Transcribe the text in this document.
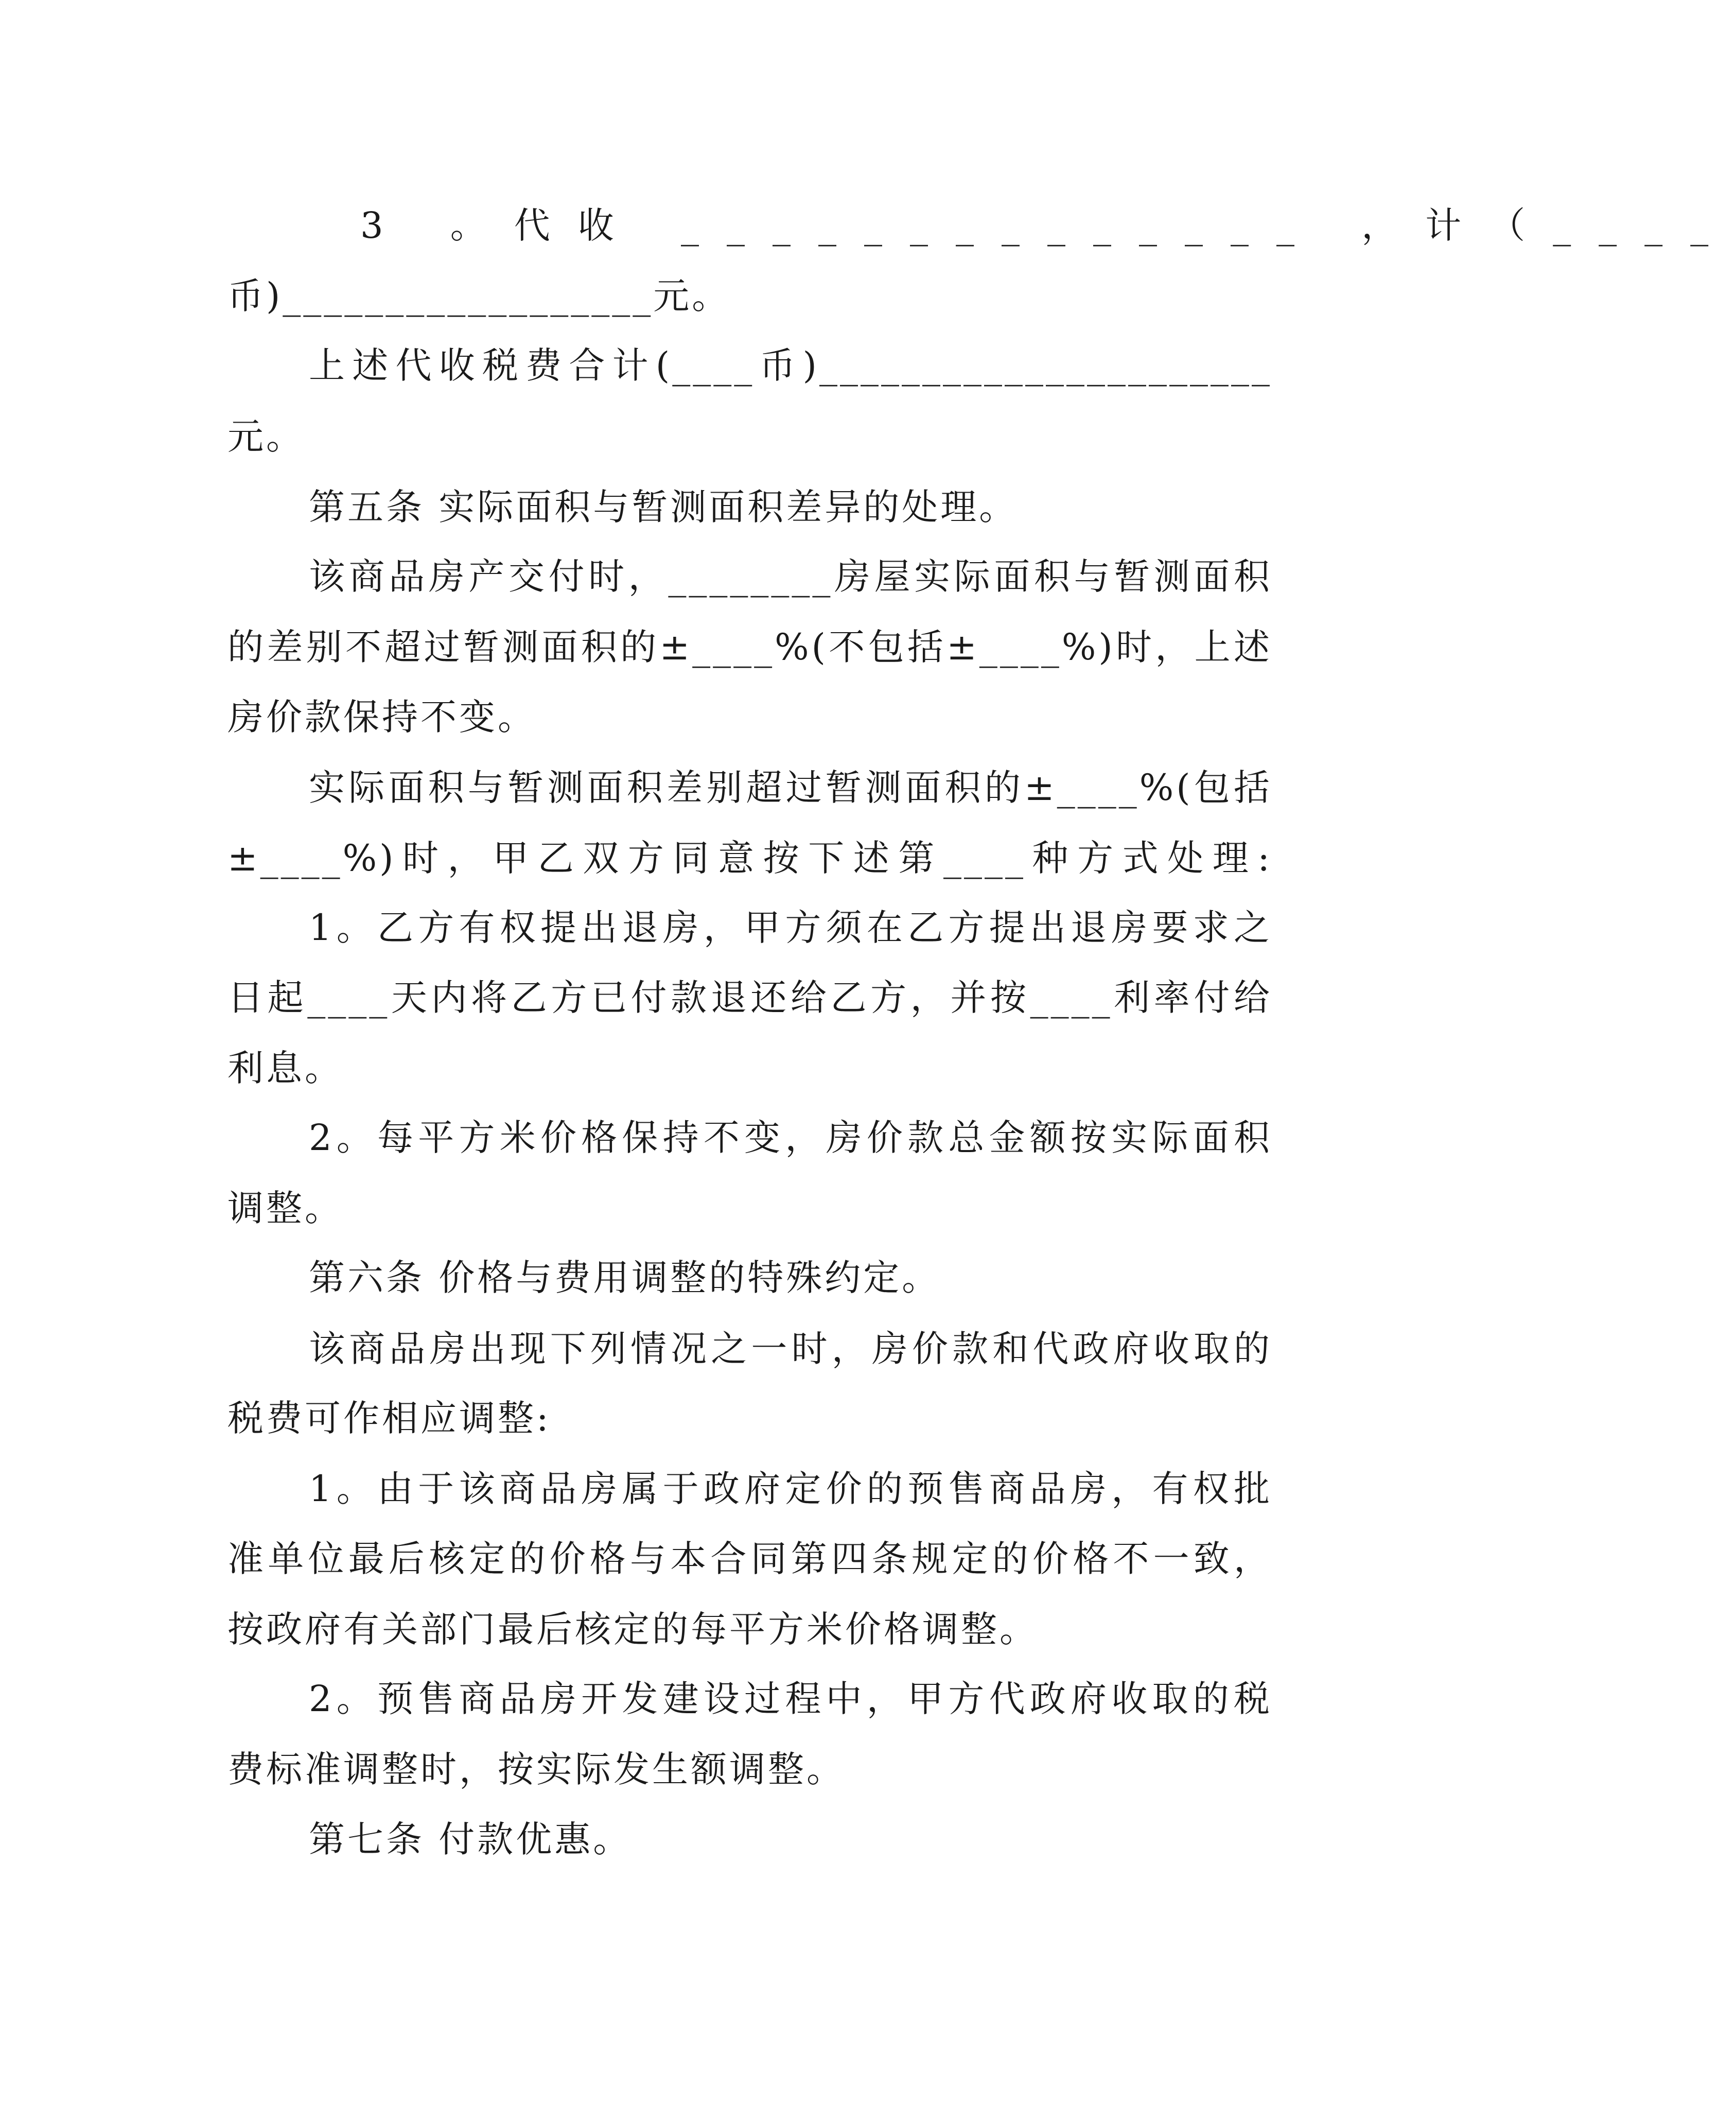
3 。代收 ______________ ，计（____
币)__________________元。
上述代收税费合计(____币)______________________
元。
第五条 实际面积与暂测面积差异的处理。
该商品房产交付时，________房屋实际面积与暂测面积
的差别不超过暂测面积的±____%(不包括±____%)时，上述
房价款保持不变。
实际面积与暂测面积差别超过暂测面积的±____%(包括
±____%)时，甲乙双方同意按下述第____种方式处理:
1。乙方有权提出退房，甲方须在乙方提出退房要求之
日起____天内将乙方已付款退还给乙方，并按____利率付给
利息。
2。每平方米价格保持不变，房价款总金额按实际面积
调整。
第六条 价格与费用调整的特殊约定。
该商品房出现下列情况之一时，房价款和代政府收取的
税费可作相应调整:
1。由于该商品房属于政府定价的预售商品房，有权批
准单位最后核定的价格与本合同第四条规定的价格不一致，
按政府有关部门最后核定的每平方米价格调整。
2。预售商品房开发建设过程中，甲方代政府收取的税
费标准调整时，按实际发生额调整。
第七条 付款优惠。
